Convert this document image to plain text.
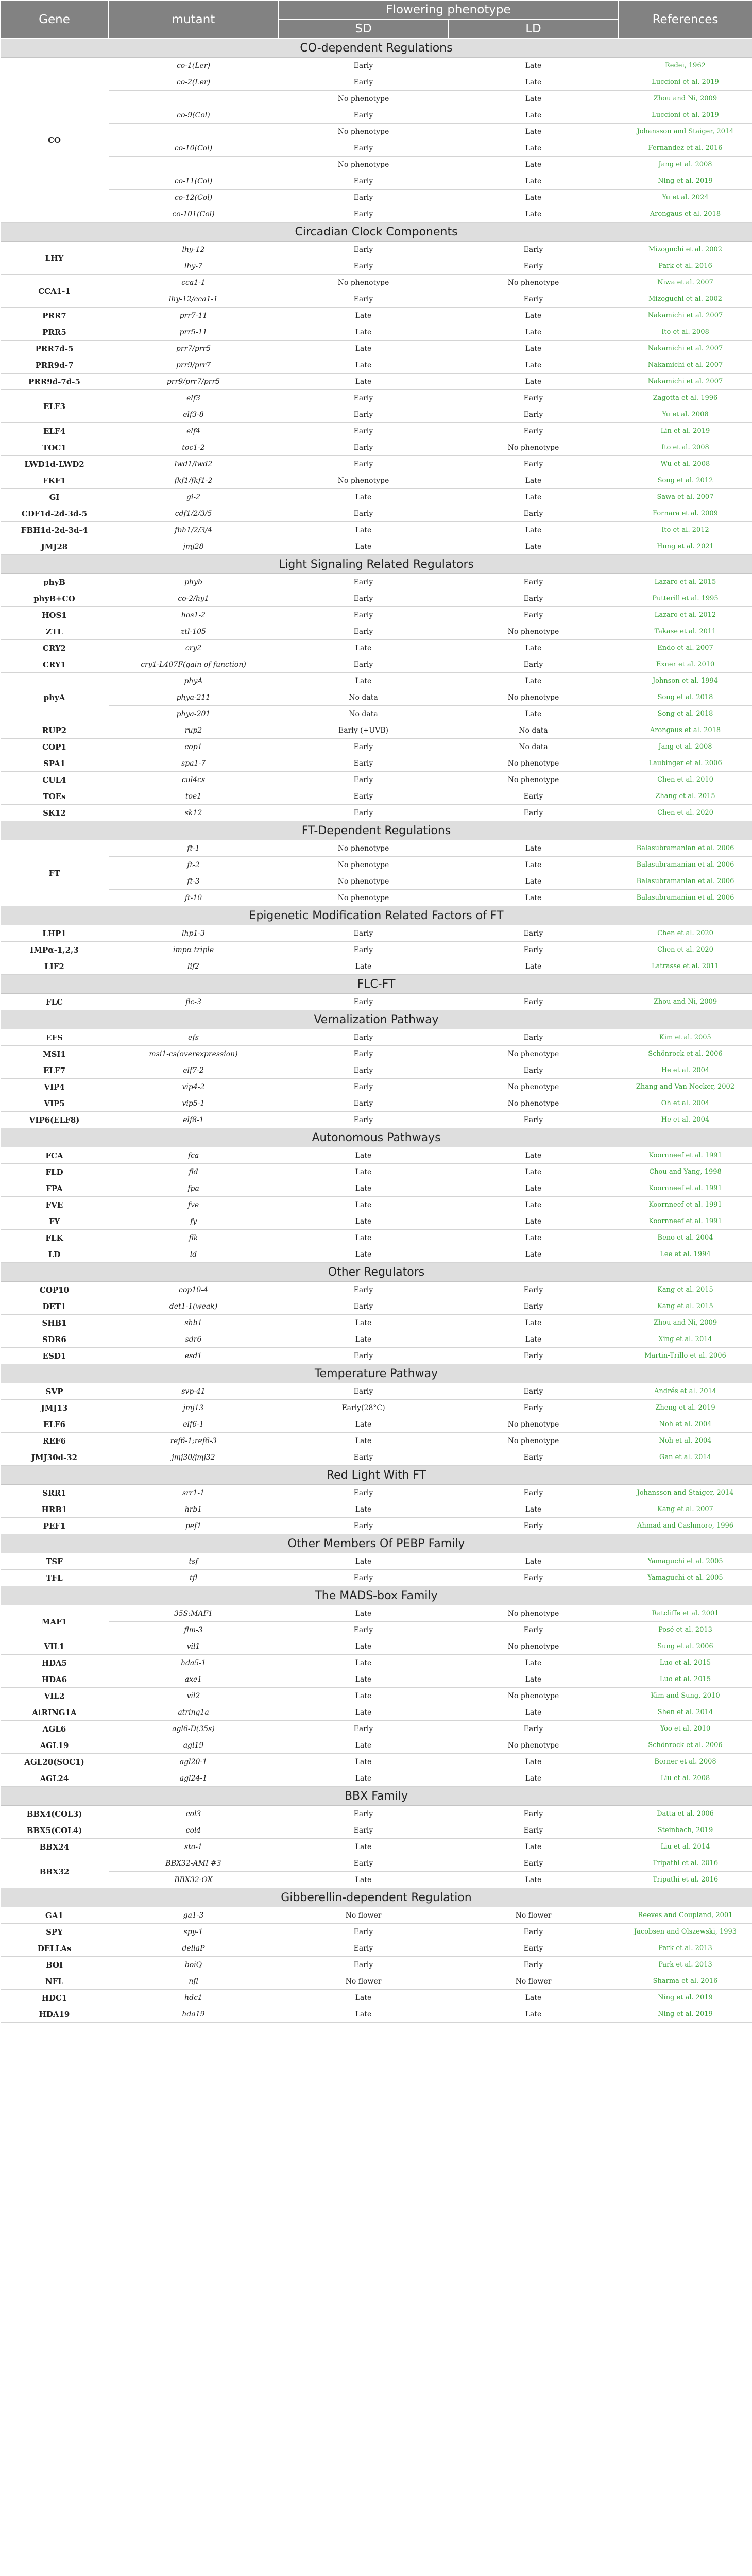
Gene	mutant	Flowering phenotype		References
		SD	LD	
CO-dependent Regulations				
CO	co-1(Ler)	Early	Late	Redei, 1962
	co-2(Ler)	Early	Late	Luccioni et al. 2019
		No phenotype	Late	Zhou and Ni, 2009
	co-9(Col)	Early	Late	Luccioni et al. 2019
		No phenotype	Late	Johansson and Staiger, 2014
	co-10(Col)	Early	Late	Fernandez et al. 2016
		No phenotype	Late	Jang et al. 2008
	co-11(Col)	Early	Late	Ning et al. 2019
	co-12(Col)	Early	Late	Yu et al. 2024
	co-101(Col)	Early	Late	Arongaus et al. 2018
Circadian Clock Components				
LHY	lhy-12	Early	Early	Mizoguchi et al. 2002
	lhy-7	Early	Early	Park et al. 2016
CCA1-1	cca1-1	No phenotype	No phenotype	Niwa et al. 2007
	lhy-12/cca1-1	Early	Early	Mizoguchi et al. 2002
PRR7	prr7-11	Late	Late	Nakamichi et al. 2007
PRR5	prr5-11	Late	Late	Ito et al. 2008
PRR7d-5	prr7/prr5	Late	Late	Nakamichi et al. 2007
PRR9d-7	prr9/prr7	Late	Late	Nakamichi et al. 2007
PRR9d-7d-5	prr9/prr7/prr5	Late	Late	Nakamichi et al. 2007
ELF3	elf3	Early	Early	Zagotta et al. 1996
	elf3-8	Early	Early	Yu et al. 2008
ELF4	elf4	Early	Early	Lin et al. 2019
TOC1	toc1-2	Early	No phenotype	Ito et al. 2008
LWD1d-LWD2	lwd1/lwd2	Early	Early	Wu et al. 2008
FKF1	fkf1/fkf1-2	No phenotype	Late	Song et al. 2012
GI	gi-2	Late	Late	Sawa et al. 2007
CDF1d-2d-3d-5	cdf1/2/3/5	Early	Early	Fornara et al. 2009
FBH1d-2d-3d-4	fbh1/2/3/4	Late	Late	Ito et al. 2012
JMJ28	jmj28	Late	Late	Hung et al. 2021
Light Signaling Related Regulators				
phyB	phyb	Early	Early	Lazaro et al. 2015
phyB+CO	co-2/hy1	Early	Early	Putterill et al. 1995
HOS1	hos1-2	Early	Early	Lazaro et al. 2012
ZTL	ztl-105	Early	No phenotype	Takase et al. 2011
CRY2	cry2	Late	Late	Endo et al. 2007
CRY1	cry1-L407F(gain of function)	Early	Early	Exner et al. 2010
phyA	phyA	Late	Late	Johnson et al. 1994
	phya-211	No data	No phenotype	Song et al. 2018
	phya-201	No data	Late	Song et al. 2018
RUP2	rup2	Early (+UVB)	No data	Arongaus et al. 2018
COP1	cop1	Early	No data	Jang et al. 2008
SPA1	spa1-7	Early	No phenotype	Laubinger et al. 2006
CUL4	cul4cs	Early	No phenotype	Chen et al. 2010
TOEs	toe1	Early	Early	Zhang et al. 2015
SK12	sk12	Early	Early	Chen et al. 2020
FT-Dependent Regulations				
FT	ft-1	No phenotype	Late	Balasubramanian et al. 2006
	ft-2	No phenotype	Late	Balasubramanian et al. 2006
	ft-3	No phenotype	Late	Balasubramanian et al. 2006
	ft-10	No phenotype	Late	Balasubramanian et al. 2006
Epigenetic Modification Related Factors of FT				
LHP1	lhp1-3	Early	Early	Chen et al. 2020
IMPα-1,2,3	impα triple	Early	Early	Chen et al. 2020
LIF2	lif2	Late	Late	Latrasse et al. 2011
FLC-FT				
FLC	flc-3	Early	Early	Zhou and Ni, 2009
Vernalization Pathway				
EFS	efs	Early	Early	Kim et al. 2005
MSI1	msi1-cs(overexpression)	Early	No phenotype	Schönrock et al. 2006
ELF7	elf7-2	Early	Early	He et al. 2004
VIP4	vip4-2	Early	No phenotype	Zhang and Van Nocker, 2002
VIP5	vip5-1	Early	No phenotype	Oh et al. 2004
VIP6(ELF8)	elf8-1	Early	Early	He et al. 2004
Autonomous Pathways				
FCA	fca	Late	Late	Koornneef et al. 1991
FLD	fld	Late	Late	Chou and Yang, 1998
FPA	fpa	Late	Late	Koornneef et al. 1991
FVE	fve	Late	Late	Koornneef et al. 1991
FY	fy	Late	Late	Koornneef et al. 1991
FLK	flk	Late	Late	Beno et al. 2004
LD	ld	Late	Late	Lee et al. 1994
Other Regulators				
COP10	cop10-4	Early	Early	Kang et al. 2015
DET1	det1-1(weak)	Early	Early	Kang et al. 2015
SHB1	shb1	Late	Late	Zhou and Ni, 2009
SDR6	sdr6	Late	Late	Xing et al. 2014
ESD1	esd1	Early	Early	Martin-Trillo et al. 2006
Temperature Pathway				
SVP	svp-41	Early	Early	Andrés et al. 2014
JMJ13	jmj13	Early(28°C)	Early	Zheng et al. 2019
ELF6	elf6-1	Late	No phenotype	Noh et al. 2004
REF6	ref6-1;ref6-3	Late	No phenotype	Noh et al. 2004
JMJ30d-32	jmj30/jmj32	Early	Early	Gan et al. 2014
Red Light With FT				
SRR1	srr1-1	Early	Early	Johansson and Staiger, 2014
HRB1	hrb1	Late	Late	Kang et al. 2007
PEF1	pef1	Early	Early	Ahmad and Cashmore, 1996
Other Members Of PEBP Family				
TSF	tsf	Late	Late	Yamaguchi et al. 2005
TFL	tfl	Early	Early	Yamaguchi et al. 2005
The MADS-box Family				
MAF1	35S:MAF1	Late	No phenotype	Ratcliffe et al. 2001
	flm-3	Early	Early	Posé et al. 2013
VIL1	vil1	Late	No phenotype	Sung et al. 2006
HDA5	hda5-1	Late	Late	Luo et al. 2015
HDA6	axe1	Late	Late	Luo et al. 2015
VIL2	vil2	Late	No phenotype	Kim and Sung, 2010
AtRING1A	atring1a	Late	Late	Shen et al. 2014
AGL6	agl6-D(35s)	Early	Early	Yoo et al. 2010
AGL19	agl19	Late	No phenotype	Schönrock et al. 2006
AGL20(SOC1)	agl20-1	Late	Late	Borner et al. 2008
AGL24	agl24-1	Late	Late	Liu et al. 2008
BBX Family				
BBX4(COL3)	col3	Early	Early	Datta et al. 2006
BBX5(COL4)	col4	Early	Early	Steinbach, 2019
BBX24	sto-1	Late	Late	Liu et al. 2014
BBX32	BBX32-AMI #3	Early	Early	Tripathi et al. 2016
	BBX32-OX	Late	Late	Tripathi et al. 2016
Gibberellin-dependent Regulation				
GA1	ga1-3	No flower	No flower	Reeves and Coupland, 2001
SPY	spy-1	Early	Early	Jacobsen and Olszewski, 1993
DELLAs	dellaP	Early	Early	Park et al. 2013
BOI	boiQ	Early	Early	Park et al. 2013
NFL	nfl	No flower	No flower	Sharma et al. 2016
HDC1	hdc1	Late	Late	Ning et al. 2019
HDA19	hda19	Late	Late	Ning et al. 2019
